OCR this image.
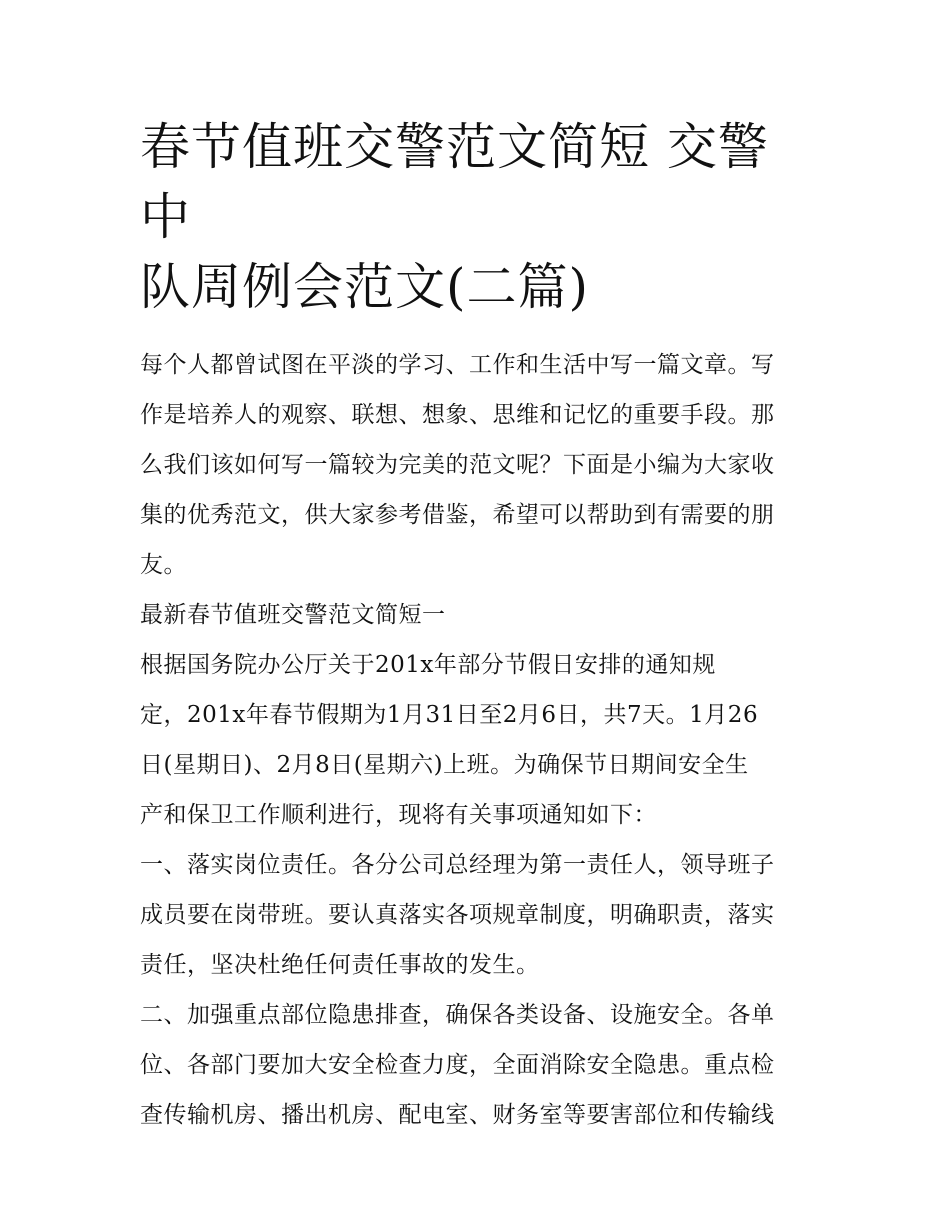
春节值班交警范文简短 交警中
队周例会范文(二篇)

每个人都曾试图在平淡的学习、工作和生活中写一篇文章。写
作是培养人的观察、联想、想象、思维和记忆的重要手段。那
么我们该如何写一篇较为完美的范文呢？下面是小编为大家收
集的优秀范文，供大家参考借鉴，希望可以帮助到有需要的朋
友。

最新春节值班交警范文简短一

根据国务院办公厅关于201x年部分节假日安排的通知规
定，201x年春节假期为1月31日至2月6日，共7天。1月26
日(星期日)、2月8日(星期六)上班。为确保节日期间安全生
产和保卫工作顺利进行，现将有关事项通知如下：

一、落实岗位责任。各分公司总经理为第一责任人，领导班子
成员要在岗带班。要认真落实各项规章制度，明确职责，落实
责任，坚决杜绝任何责任事故的发生。

二、加强重点部位隐患排查，确保各类设备、设施安全。各单
位、各部门要加大安全检查力度，全面消除安全隐患。重点检
查传输机房、播出机房、配电室、财务室等要害部位和传输线
